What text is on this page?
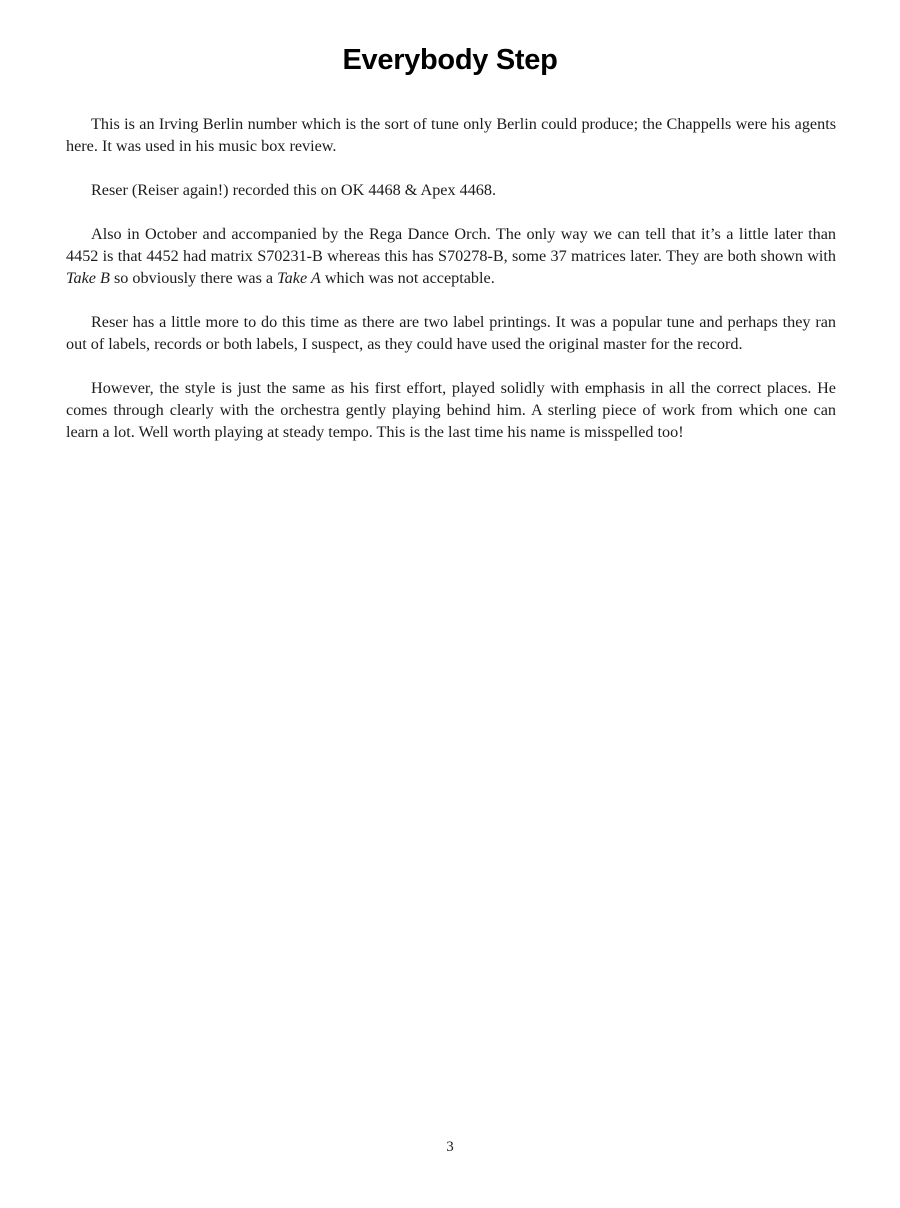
Everybody Step

This is an Irving Berlin number which is the sort of tune only Berlin could produce; the Chappells were his agents here. It was used in his music box review.

Reser (Reiser again!) recorded this on OK 4468 & Apex 4468.

Also in October and accompanied by the Rega Dance Orch. The only way we can tell that it’s a little later than 4452 is that 4452 had matrix S70231-B whereas this has S70278-B, some 37 matrices later. They are both shown with Take B so obviously there was a Take A which was not acceptable.

Reser has a little more to do this time as there are two label printings. It was a popular tune and perhaps they ran out of labels, records or both labels, I suspect, as they could have used the original master for the record.

However, the style is just the same as his first effort, played solidly with emphasis in all the correct places. He comes through clearly with the orchestra gently playing behind him. A sterling piece of work from which one can learn a lot. Well worth playing at steady tempo. This is the last time his name is misspelled too!

3
